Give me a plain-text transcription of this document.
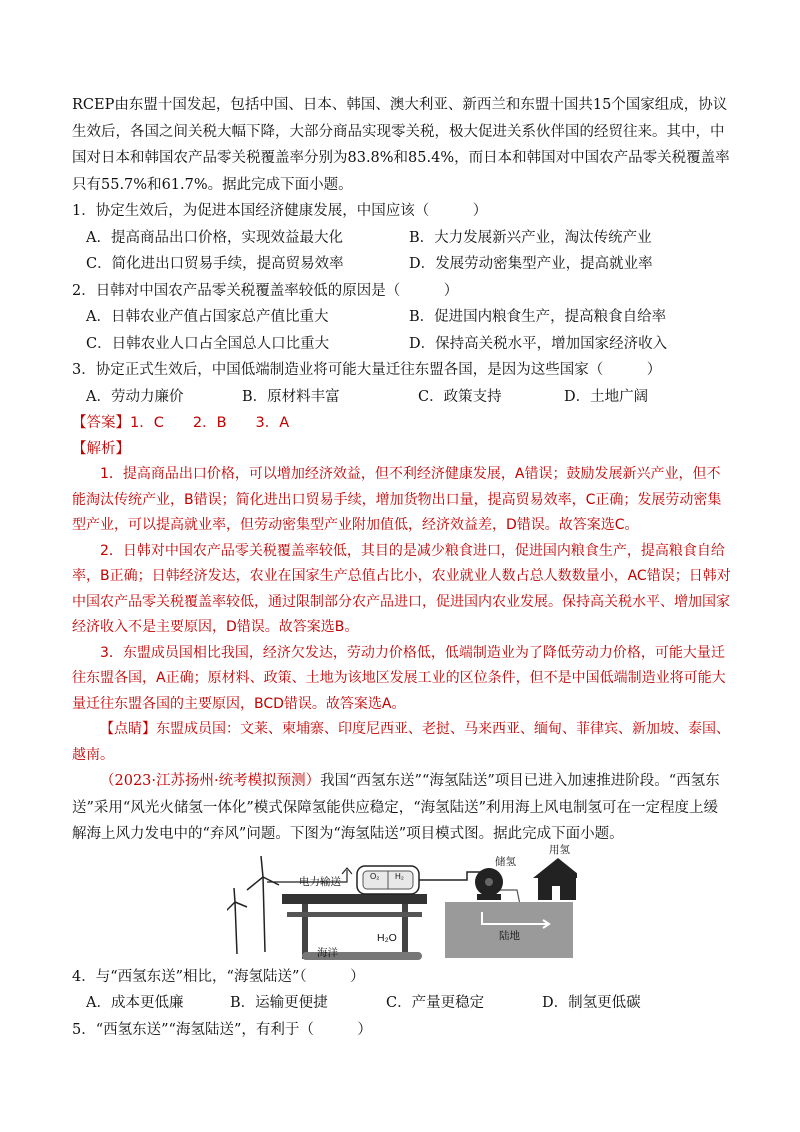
RCEP由东盟十国发起，包括中国、日本、韩国、澳大利亚、新西兰和东盟十国共15个国家组成，协议生效后，各国之间关税大幅下降，大部分商品实现零关税，极大促进关系伙伴国的经贸往来。其中，中国对日本和韩国农产品零关税覆盖率分别为83.8%和85.4%，而日本和韩国对中国农产品零关税覆盖率只有55.7%和61.7%。据此完成下面小题。

1．协定生效后，为促进本国经济健康发展，中国应该（　　　）

A．提高商品出口价格，实现效益最大化	B．大力发展新兴产业，淘汰传统产业
C．简化进出口贸易手续，提高贸易效率	D．发展劳动密集型产业，提高就业率

2．日韩对中国农产品零关税覆盖率较低的原因是（　　　）

A．日韩农业产值占国家总产值比重大	B．促进国内粮食生产，提高粮食自给率
C．日韩农业人口占全国总人口比重大	D．保持高关税水平，增加国家经济收入

3．协定正式生效后，中国低端制造业将可能大量迁往东盟各国，是因为这些国家（　　　）

A．劳动力廉价	B．原材料丰富	C．政策支持	D．土地广阔

【答案】1．C　　2．B　　3．A

【解析】

1．提高商品出口价格，可以增加经济效益，但不利经济健康发展，A错误；鼓励发展新兴产业，但不能淘汰传统产业，B错误；简化进出口贸易手续，增加货物出口量，提高贸易效率，C正确；发展劳动密集型产业，可以提高就业率，但劳动密集型产业附加值低，经济效益差，D错误。故答案选C。

2．日韩对中国农产品零关税覆盖率较低，其目的是减少粮食进口，促进国内粮食生产，提高粮食自给率，B正确；日韩经济发达，农业在国家生产总值占比小，农业就业人数占总人数数量小，AC错误；日韩对中国农产品零关税覆盖率较低，通过限制部分农产品进口，促进国内农业发展。保持高关税水平、增加国家经济收入不是主要原因，D错误。故答案选B。

3．东盟成员国相比我国，经济欠发达，劳动力价格低，低端制造业为了降低劳动力价格，可能大量迁往东盟各国，A正确；原材料、政策、土地为该地区发展工业的区位条件，但不是中国低端制造业将可能大量迁往东盟各国的主要原因，BCD错误。故答案选A。

【点睛】东盟成员国：文莱、柬埔寨、印度尼西亚、老挝、马来西亚、缅甸、菲律宾、新加坡、泰国、越南。

（2023·江苏扬州·统考模拟预测）我国“西氢东送”“海氢陆送”项目已进入加速推进阶段。“西氢东送”采用“风光火储氢一体化”模式保障氢能供应稳定，“海氢陆送”利用海上风电制氢可在一定程度上缓解海上风力发电中的“弃风”问题。下图为“海氢陆送”项目模式图。据此完成下面小题。

电力输送	O₂ H₂
储氢
用氢
海洋
H₂O	陆地

4．与“西氢东送”相比，“海氢陆送”（　　　）

A．成本更低廉	B．运输更便捷	C．产量更稳定	D．制氢更低碳

5．“西氢东送”“海氢陆送”，有利于（　　　）
